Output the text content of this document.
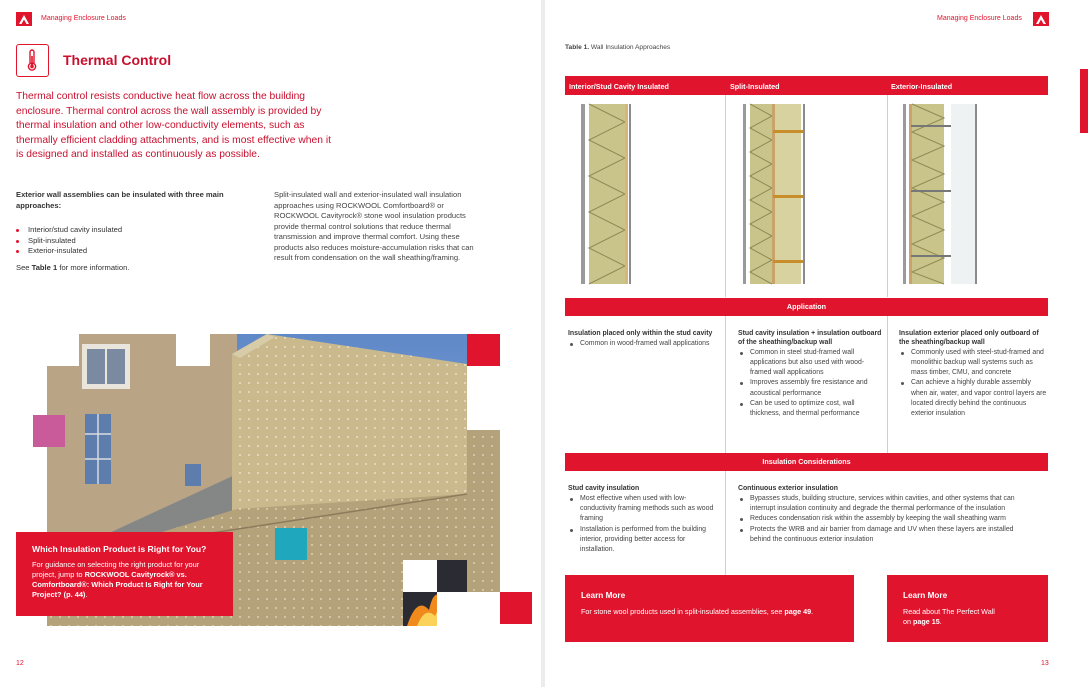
Managing Enclosure Loads
Thermal Control

Thermal control resists conductive heat flow across the building enclosure. Thermal control across the wall assembly is provided by thermal insulation and other low-conductivity elements, such as thermally efficient cladding attachments, and is most effective when it is designed and installed as continuously as possible.

Exterior wall assemblies can be insulated with three main approaches:

Interior/stud cavity insulated
Split-insulated
Exterior-insulated

See Table 1 for more information.

Split-insulated wall and exterior-insulated wall insulation approaches using ROCKWOOL Comfortboard® or ROCKWOOL Cavityrock® stone wool insulation products provide thermal control solutions that reduce thermal transmission and improve thermal comfort. Using these products also reduces moisture-accumulation risks that can result from condensation on the wall sheathing/framing.

Which Insulation Product is Right for You?

For guidance on selecting the right product for your project, jump to ROCKWOOL Cavityrock® vs. Comfortboard®: Which Product Is Right for Your Project? (p. 44).

12
Managing Enclosure Loads
Table 1. Wall Insulation Approaches
Interior/Stud Cavity Insulated	Split-Insulated	Exterior-Insulated
Application

Insulation placed only within the stud cavity

Common in wood-framed wall applications

Stud cavity insulation + insulation outboard of the sheathing/backup wall

Common in steel stud-framed wall applications but also used with wood-framed wall applications
Improves assembly fire resistance and acoustical performance
Can be used to optimize cost, wall thickness, and thermal performance

Insulation exterior placed only outboard of the sheathing/backup wall

Commonly used with steel-stud-framed and monolithic backup wall systems such as mass timber, CMU, and concrete
Can achieve a highly durable assembly when air, water, and vapor control layers are located directly behind the continuous exterior insulation
Insulation Considerations

Stud cavity insulation

Most effective when used with low-conductivity framing methods such as wood framing
Installation is performed from the building interior, providing better access for installation.

Continuous exterior insulation

Bypasses studs, building structure, services within cavities, and other systems that can interrupt insulation continuity and degrade the thermal performance of the insulation
Reduces condensation risk within the assembly by keeping the wall sheathing warm
Protects the WRB and air barrier from damage and UV when these layers are installed behind the continuous exterior insulation
Learn More

For stone wool products used in split-insulated assemblies, see page 49.

Learn More

Read about The Perfect Wall on page 15.

13
